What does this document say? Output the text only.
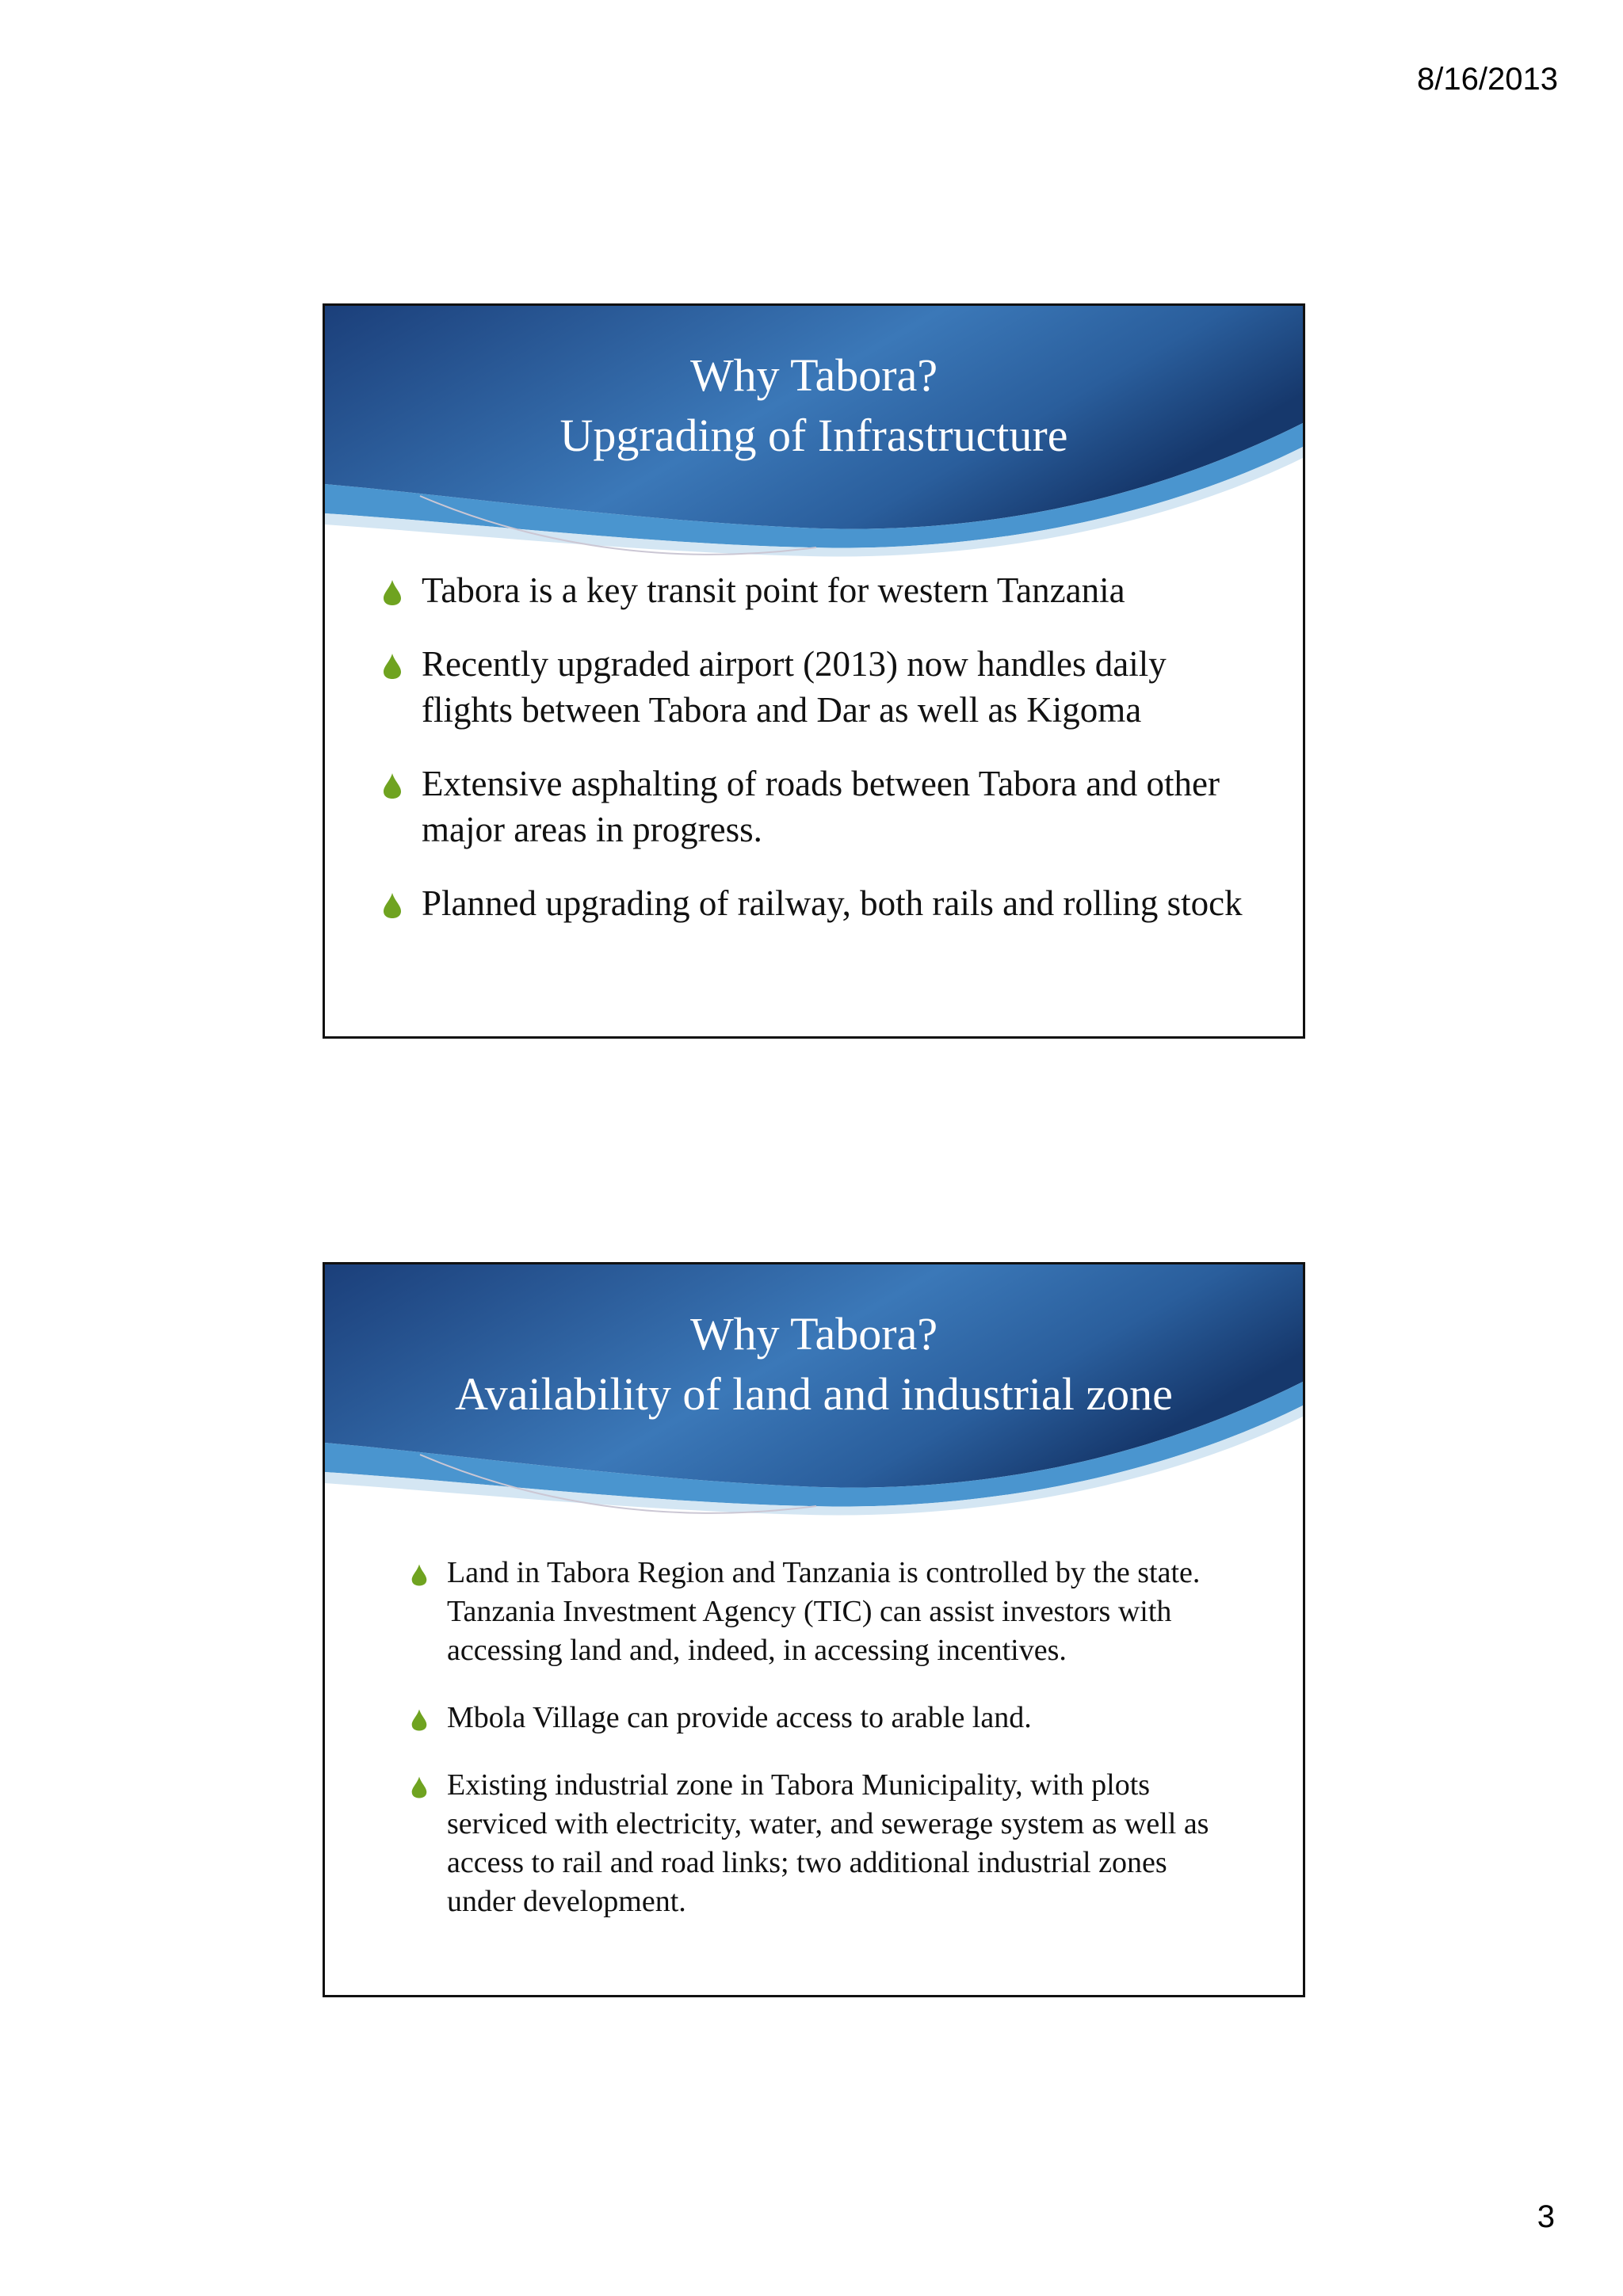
8/16/2013
Why Tabora?
Upgrading of Infrastructure
Tabora is a key transit point for western Tanzania
Recently upgraded airport (2013) now handles daily flights between Tabora and Dar as well as Kigoma
Extensive asphalting of roads between Tabora and other major areas in progress.
Planned upgrading of railway, both rails and rolling stock
Why Tabora?
Availability of land and industrial zone
Land in Tabora Region and Tanzania is controlled by the state. Tanzania Investment Agency (TIC) can assist investors with accessing land and, indeed, in accessing incentives.
Mbola Village can provide access to arable land.
Existing industrial zone in Tabora Municipality, with plots serviced with electricity, water, and sewerage system as well as access to rail and road links; two additional industrial zones under development.
3
